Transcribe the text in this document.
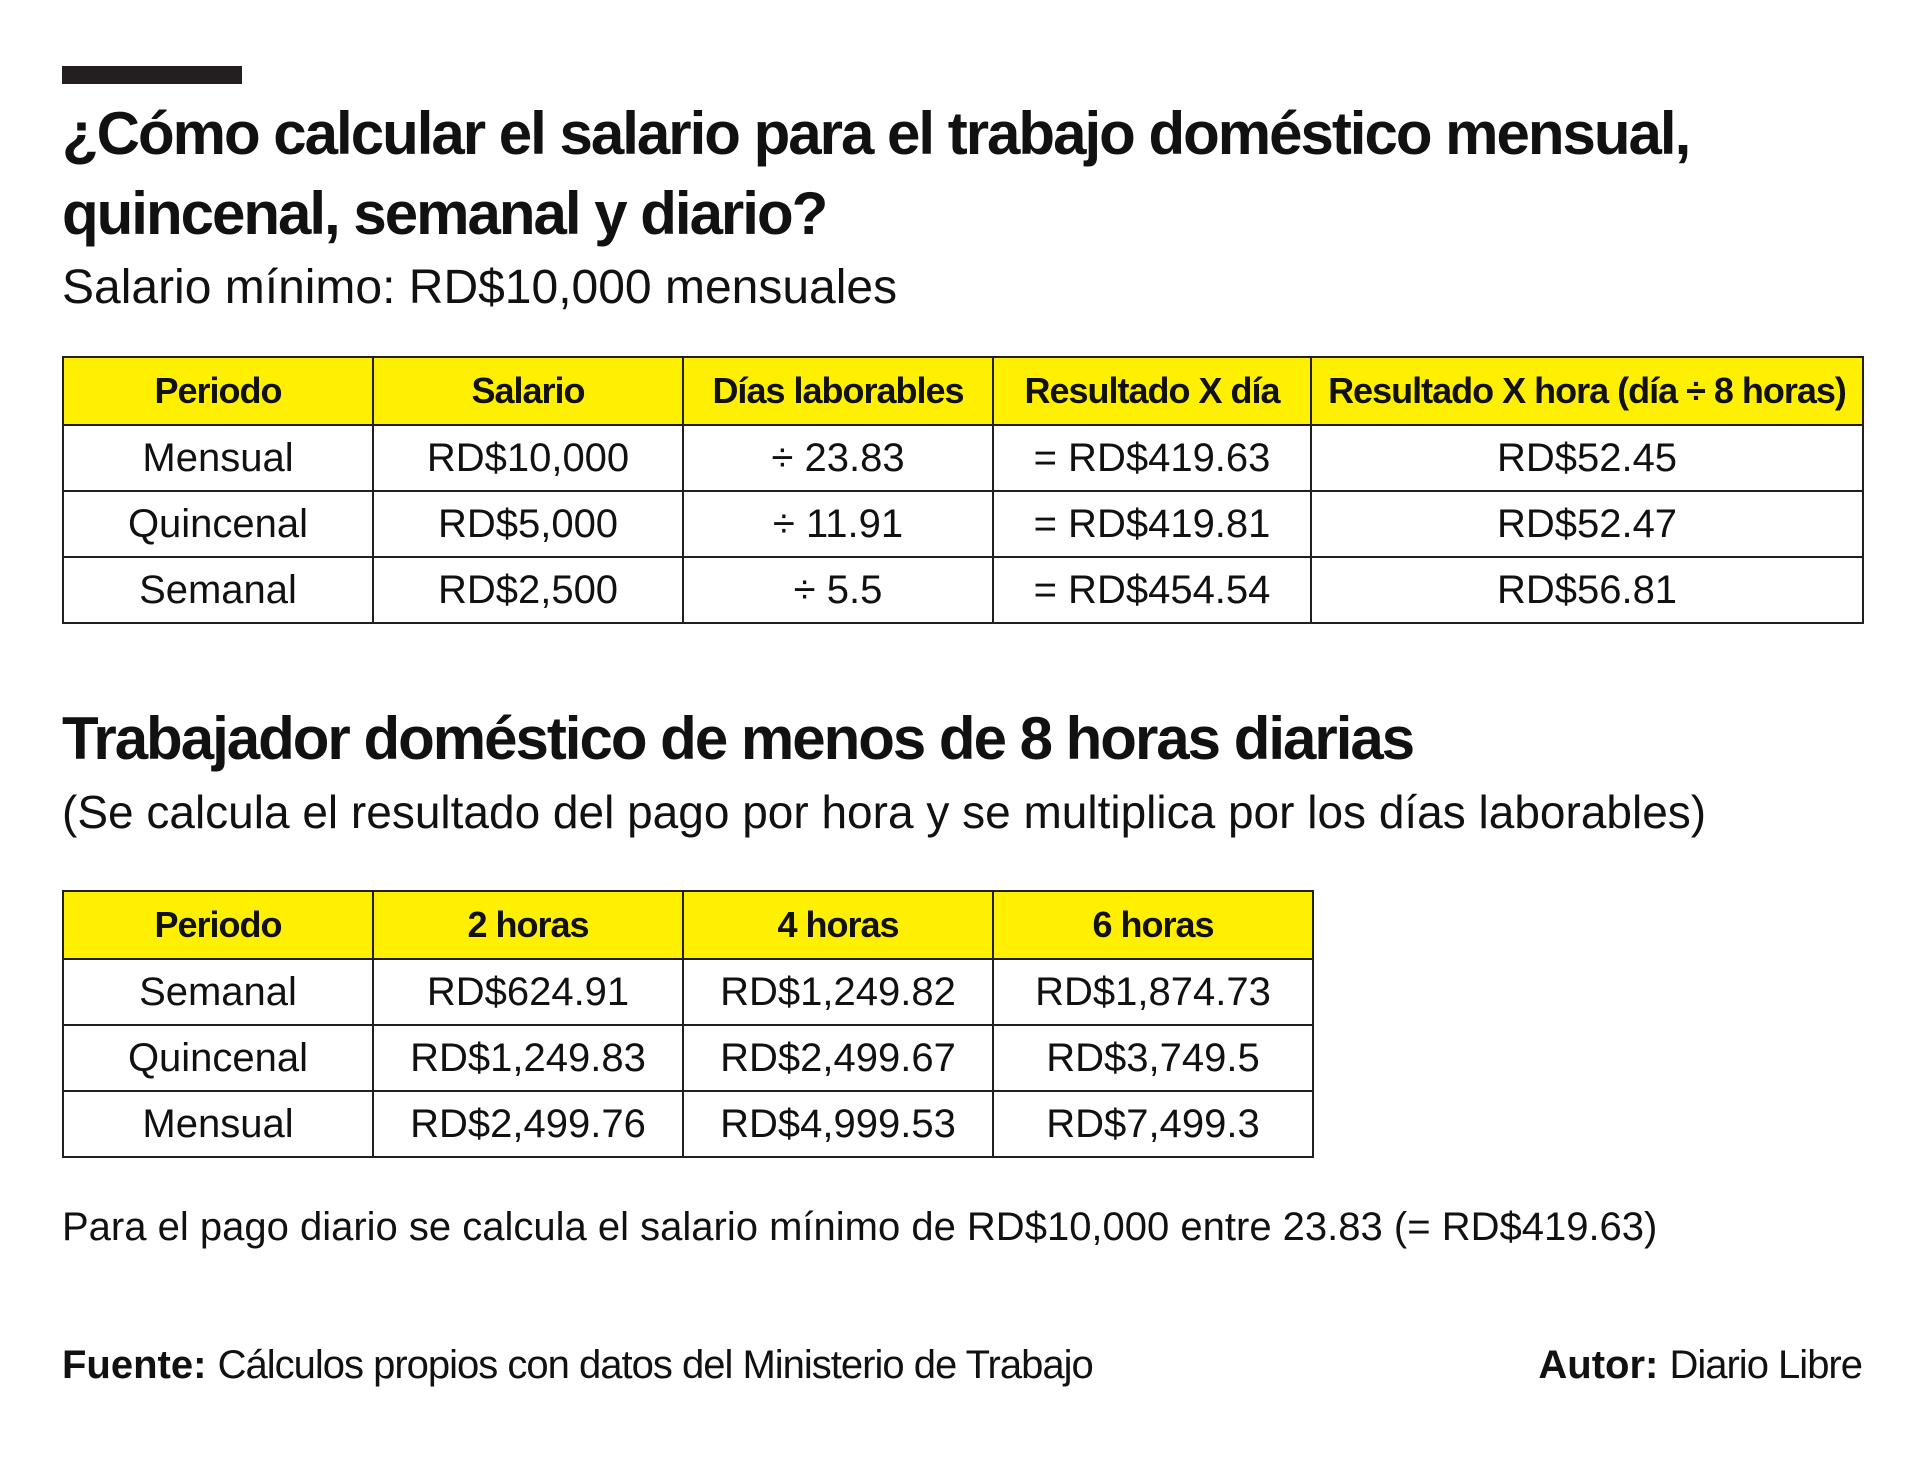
¿Cómo calcular el salario para el trabajo doméstico mensual, quincenal, semanal y diario?
Salario mínimo: RD$10,000 mensuales
Periodo	Salario	Días laborables	Resultado X día	Resultado X hora (día ÷ 8 horas)
Mensual	RD$10,000	÷ 23.83	= RD$419.63	RD$52.45
Quincenal	RD$5,000	÷ 11.91	= RD$419.81	RD$52.47
Semanal	RD$2,500	÷ 5.5	= RD$454.54	RD$56.81
Trabajador doméstico de menos de 8 horas diarias
(Se calcula el resultado del pago por hora y se multiplica por los días laborables)
Periodo	2 horas	4 horas	6 horas
Semanal	RD$624.91	RD$1,249.82	RD$1,874.73
Quincenal	RD$1,249.83	RD$2,499.67	RD$3,749.5
Mensual	RD$2,499.76	RD$4,999.53	RD$7,499.3
Para el pago diario se calcula el salario mínimo de RD$10,000 entre 23.83 (= RD$419.63)
Fuente: Cálculos propios con datos del Ministerio de Trabajo	Autor: Diario Libre
